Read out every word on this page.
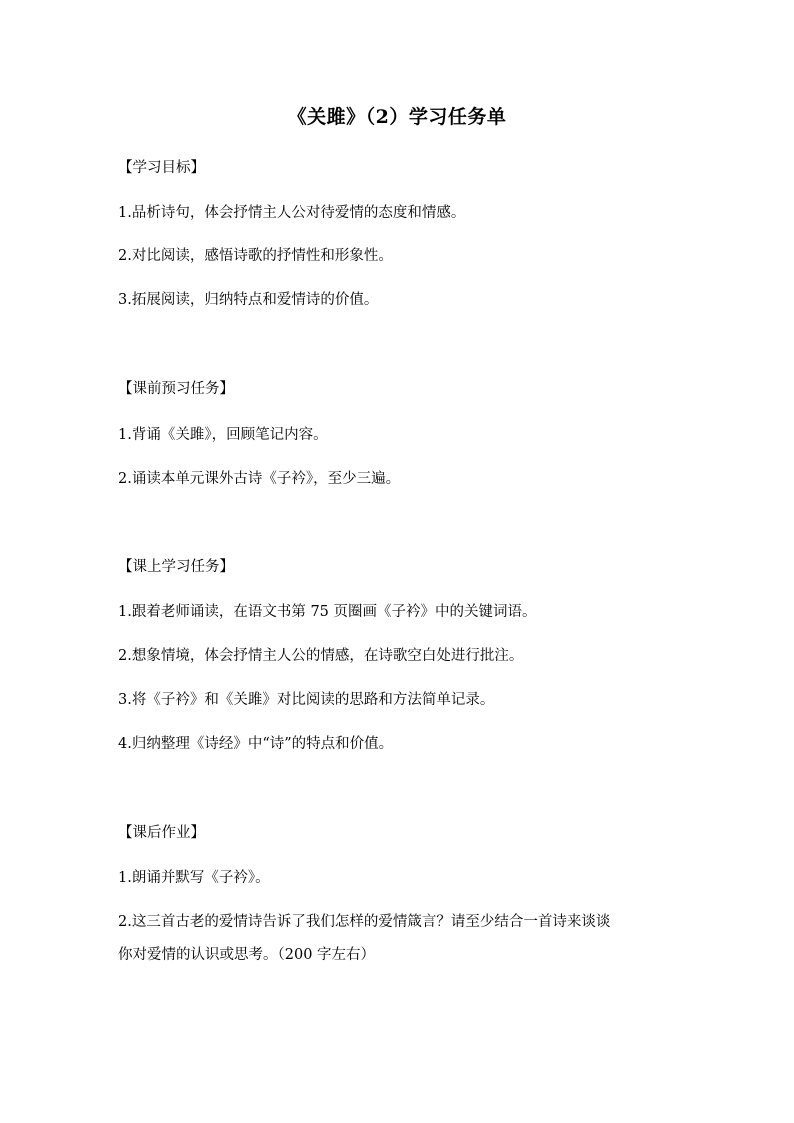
《关雎》（2）学习任务单
【学习目标】
1.品析诗句，体会抒情主人公对待爱情的态度和情感。
2.对比阅读，感悟诗歌的抒情性和形象性。
3.拓展阅读，归纳特点和爱情诗的价值。
【课前预习任务】
1.背诵《关雎》，回顾笔记内容。
2.诵读本单元课外古诗《子衿》，至少三遍。
【课上学习任务】
1.跟着老师诵读，在语文书第 75 页圈画《子衿》中的关键词语。
2.想象情境，体会抒情主人公的情感，在诗歌空白处进行批注。
3.将《子衿》和《关雎》对比阅读的思路和方法简单记录。
4.归纳整理《诗经》中“诗”的特点和价值。
【课后作业】
1.朗诵并默写《子衿》。
2.这三首古老的爱情诗告诉了我们怎样的爱情箴言？请至少结合一首诗来谈谈
你对爱情的认识或思考。（200 字左右）
